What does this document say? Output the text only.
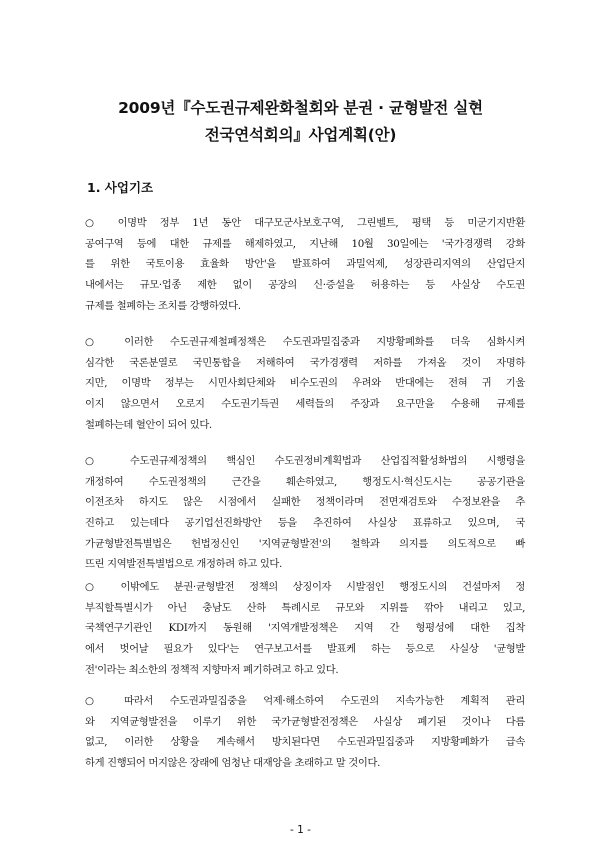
2009년『수도권규제완화철회와 분권 · 균형발전 실현
전국연석회의』사업계획(안)
1. 사업기조
○ 이명박 정부 1년 동안 대구모군사보호구역, 그린벨트, 평택 등 미군기지반환
공여구역 등에 대한 규제를 해제하였고, 지난해 10월 30일에는 '국가경쟁력 강화
를 위한 국토이용 효율화 방안'을 발표하여 과밀억제, 성장관리지역의 산업단지
내에서는 규모·업종 제한 없이 공장의 신·증설을 허용하는 등 사실상 수도권
규제를 철폐하는 조치를 강행하였다.
○ 이러한 수도권규제철폐정책은 수도권과밀집중과 지방황폐화를 더욱 심화시켜
심각한 국론분열로 국민통합을 저해하여 국가경쟁력 저하를 가져올 것이 자명하
지만, 이명박 정부는 시민사회단체와 비수도권의 우려와 반대에는 전혀 귀 기울
이지 않으면서 오로지 수도권기득권 세력들의 주장과 요구만을 수용해 규제를
철폐하는데 혈안이 되어 있다.
○ 수도권규제정책의 핵심인 수도권정비계획법과 산업집적활성화법의 시행령을
개정하여 수도권정책의 근간을 훼손하였고, 행정도시·혁신도시는 공공기관을
이전조차 하지도 않은 시점에서 실패한 정책이라며 전면재검토와 수정보완을 추
진하고 있는데다 공기업선진화방안 등을 추진하여 사실상 표류하고 있으며, 국
가균형발전특별법은 헌법정신인 '지역균형발전'의 철학과 의지를 의도적으로 빠
뜨린 지역발전특별법으로 개정하려 하고 있다.
○ 이밖에도 분권·균형발전 정책의 상징이자 시발점인 행정도시의 건설마저 정
부직할특별시가 아닌 충남도 산하 특례시로 규모와 지위를 깎아 내리고 있고,
국책연구기관인 KDI까지 동원해 '지역개발정책은 지역 간 형평성에 대한 집착
에서 벗어날 필요가 있다'는 연구보고서를 발표케 하는 등으로 사실상 '균형발
전'이라는 최소한의 정책적 지향마저 폐기하려고 하고 있다.
○ 따라서 수도권과밀집중을 억제·해소하여 수도권의 지속가능한 계획적 관리
와 지역균형발전을 이루기 위한 국가균형발전정책은 사실상 폐기된 것이나 다름
없고, 이러한 상황을 계속해서 방치된다면 수도권과밀집중과 지방황폐화가 급속
하게 진행되어 머지않은 장래에 엄청난 대재앙을 초래하고 말 것이다.
- 1 -
